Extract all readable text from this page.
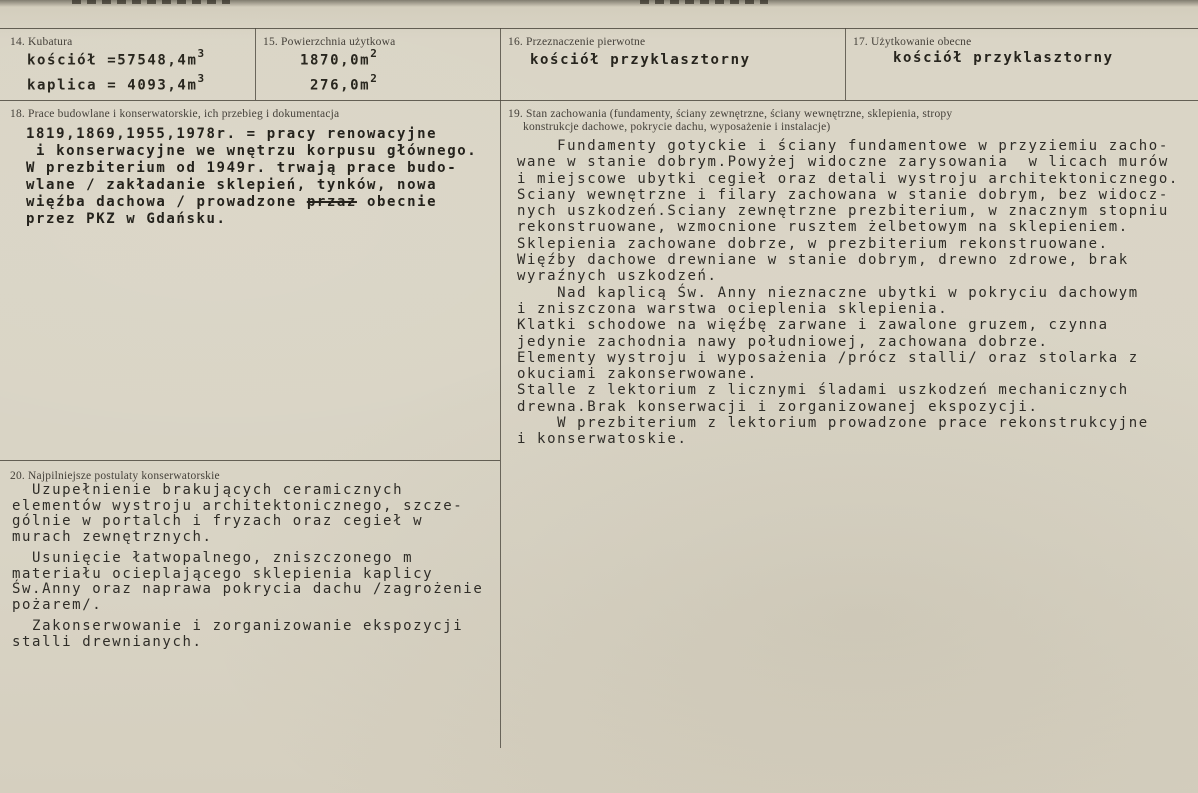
14. Kubatura
kościół $=57548,4m^3$
kaplica = $4093,4m^3$
15. Powierzchnia użytkowa
$1870,0m^2$
$276,0m^2$
16. Przeznaczenie pierwotne
kościół przyklasztorny
17. Użytkowanie obecne
kościół przyklasztorny
18. Prace budowlane i konserwatorskie, ich przebieg i dokumentacja
1819,1869,1955,1978r. = pracy renowacyjne
i konserwacyjne we wnętrzu korpusu głównego.
W prezbiterium od 1949r. trwają prace budo-
wlane / zakładanie sklepień, tynków, nowa
więźba dachowa / prowadzone przaz obecnie
przez PKZ w Gdańsku.
19. Stan zachowania (fundamenty, ściany zewnętrzne, ściany wewnętrzne, sklepienia, stropy
konstrukcje dachowe, pokrycie dachu, wyposażenie i instalacje)
Fundamenty gotyckie i ściany fundamentowe w przyziemiu zacho-
wane w stanie dobrym.Powyżej widoczne zarysowania  w licach murów
i miejscowe ubytki cegieł oraz detali wystroju architektonicznego.
Sciany wewnętrzne i filary zachowana w stanie dobrym, bez widocz-
nych uszkodzeń.Sciany zewnętrzne prezbiterium, w znacznym stopniu
rekonstruowane, wzmocnione rusztem żelbetowym na sklepieniem.
Sklepienia zachowane dobrze, w prezbiterium rekonstruowane.
Więźby dachowe drewniane w stanie dobrym, drewno zdrowe, brak
wyraźnych uszkodzeń.
Nad kaplicą Św. Anny nieznaczne ubytki w pokryciu dachowym
i zniszczona warstwa ocieplenia sklepienia.
Klatki schodowe na więźbę zarwane i zawalone gruzem, czynna
jedynie zachodnia nawy południowej, zachowana dobrze.
Elementy wystroju i wyposażenia /prócz stalli/ oraz stolarka z
okuciami zakonserwowane.
Stalle z lektorium z licznymi śladami uszkodzeń mechanicznych
drewna.Brak konserwacji i zorganizowanej ekspozycji.
W prezbiterium z lektorium prowadzone prace rekonstrukcyjne
i konserwatoskie.
20. Najpilniejsze postulaty konserwatorskie
Uzupełnienie brakujących ceramicznych
elementów wystroju architektonicznego, szcze-
gólnie w portalch i fryzach oraz cegieł w
murach zewnętrznych.
Usunięcie łatwopalnego, zniszczonego m
materiału ocieplającego sklepienia kaplicy
Św.Anny oraz naprawa pokrycia dachu /zagrożenie
pożarem/.
Zakonserwowanie i zorganizowanie ekspozycji
stalli drewnianych.
